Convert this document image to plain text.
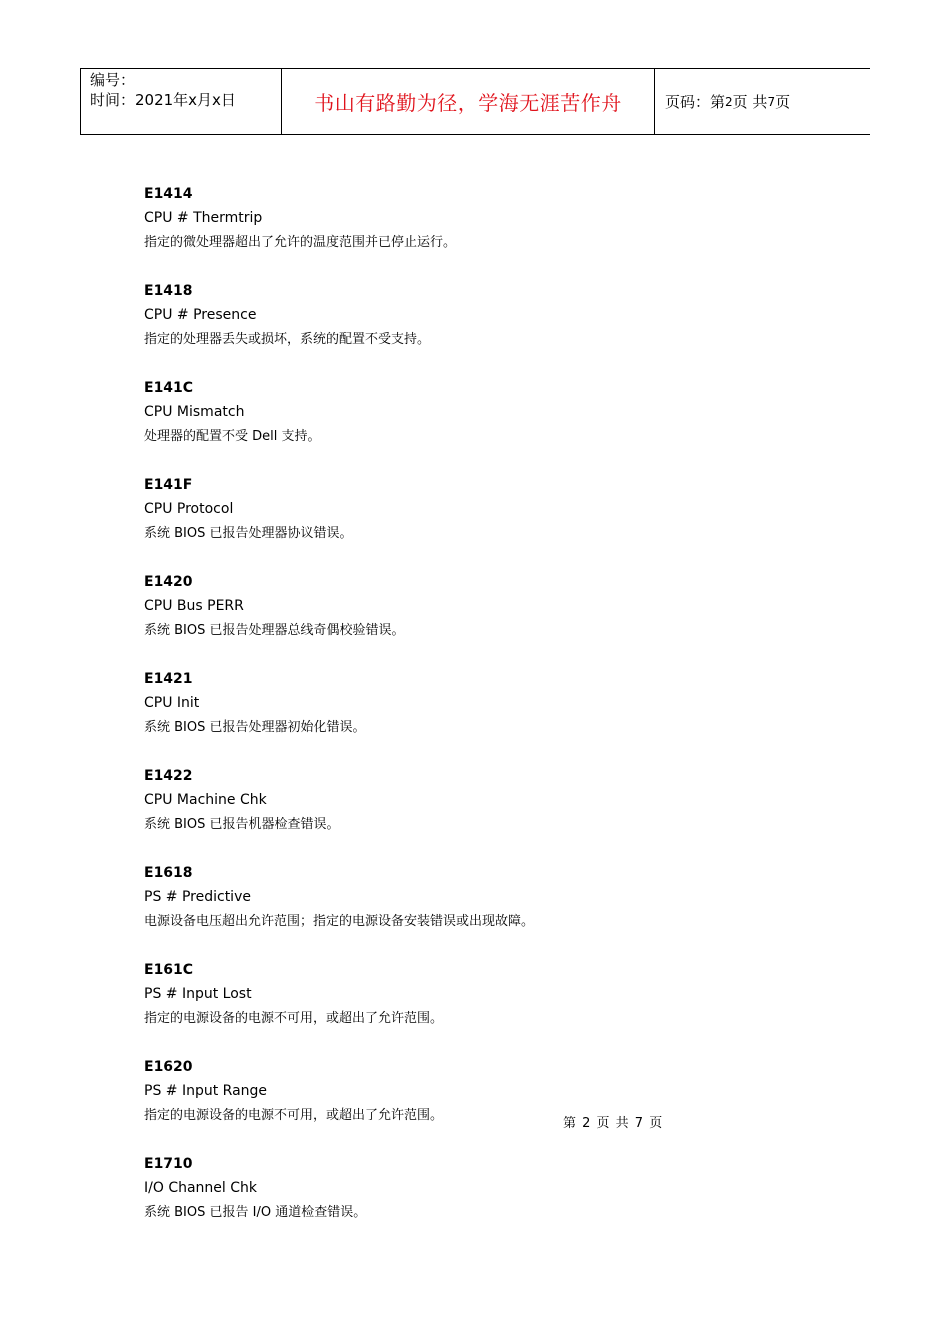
编号：
时间：2021年x月x日	书山有路勤为径，学海无涯苦作舟	页码：第 2 页 共 7 页
E1414
CPU # Thermtrip
指定的微处理器超出了允许的温度范围并已停止运行。
E1418
CPU # Presence
指定的处理器丢失或损坏，系统的配置不受支持。
E141C
CPU Mismatch
处理器的配置不受 Dell 支持。
E141F
CPU Protocol
系统 BIOS 已报告处理器协议错误。
E1420
CPU Bus PERR
系统 BIOS 已报告处理器总线奇偶校验错误。
E1421
CPU Init
系统 BIOS 已报告处理器初始化错误。
E1422
CPU Machine Chk
系统 BIOS 已报告机器检查错误。
E1618
PS # Predictive
电源设备电压超出允许范围；指定的电源设备安装错误或出现故障。
E161C
PS # Input Lost
指定的电源设备的电源不可用，或超出了允许范围。
E1620
PS # Input Range
指定的电源设备的电源不可用，或超出了允许范围。
E1710
I/O Channel Chk
系统 BIOS 已报告 I/O 通道检查错误。
第 2 页 共 7 页
